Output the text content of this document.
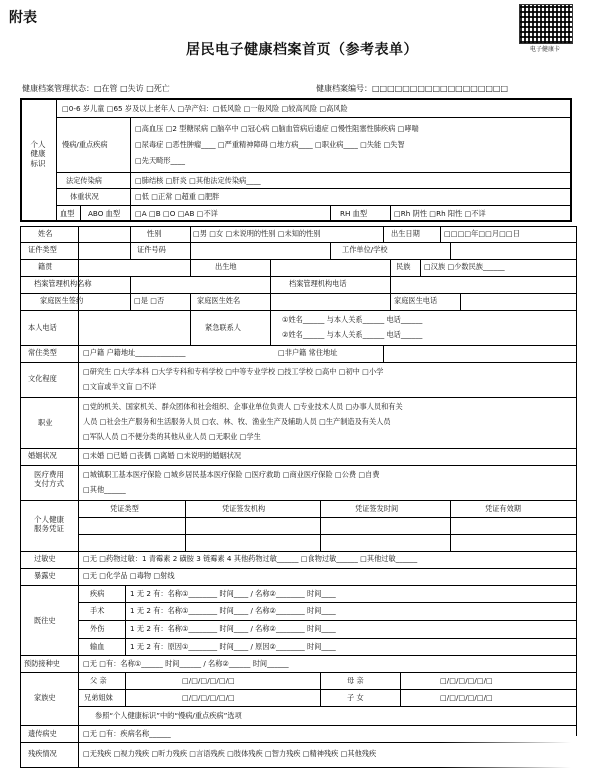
附表
居民电子健康档案首页（参考表单）	电子健康卡
健康档案管理状态：□在管 □失访 □死亡	健康档案编号：□□□□□□□□□□□□□□□□□□
个人
健康
标识
□0-6 岁儿童 □65 岁及以上老年人 □孕产妇：□低风险 □一般风险 □较高风险 □高风险
慢病/重点疾病
□高血压 □2 型糖尿病 □脑卒中 □冠心病 □脑血管病后遗症 □慢性阻塞性肺疾病 □哮喘
□尿毒症 □恶性肿瘤____ □严重精神障碍 □地方病____ □职业病____ □失能 □失智
□先天畸形____
法定传染病	□肺结核 □肝炎 □其他法定传染病____
体重状况	□低 □正常 □超重 □肥胖
血型 ABO 血型 □A □B □O □AB □不详	RH 血型	□Rh 阴性 □Rh 阳性 □不详
姓名	性别	□男 □女 □未说明的性别 □未知的性别	出生日期	□□□□年□□月□□日
证件类型	证件号码	工作单位/学校
籍贯	出生地	民族 □汉族 □少数民族______
档案管理机构名称	档案管理机构电话
家庭医生签约	□是 □否	家庭医生姓名	家庭医生电话
本人电话	紧急联系人
①姓名______ 与本人关系______ 电话______
②姓名______ 与本人关系______ 电话______
常住类型	□户籍 户籍地址______________	□非户籍 常住地址
文化程度
□研究生 □大学本科 □大学专科和专科学校 □中等专业学校 □技工学校 □高中 □初中 □小学
□文盲或半文盲 □不详
职业
□党的机关、国家机关、群众团体和社会组织、企事业单位负责人 □专业技术人员 □办事人员和有关
人员 □社会生产服务和生活服务人员 □农、林、牧、渔业生产及辅助人员 □生产制造及有关人员
□军队人员 □不便分类的其他从业人员 □无职业 □学生
婚姻状况	□未婚 □已婚 □丧偶 □离婚 □未说明的婚姻状况
医疗费用
支付方式
□城镇职工基本医疗保险 □城乡居民基本医疗保险 □医疗救助 □商业医疗保险 □公费 □自费
□其他______
个人健康
服务凭证
凭证类型	凭证签发机构	凭证签发时间	凭证有效期
过敏史	□无 □药物过敏：1 青霉素 2 磺胺 3 链霉素 4 其他药物过敏______ □食物过敏______ □其他过敏______
暴露史	□无 □化学品 □毒物 □射线
既往史
疾病	1 无 2 有：名称①________ 时间____ / 名称②________ 时间____
手术	1 无 2 有：名称①________ 时间____ / 名称②________ 时间____
外伤	1 无 2 有：名称①________ 时间____ / 名称②________ 时间____
输血	1 无 2 有：原因①________ 时间____ / 原因②________ 时间____
预防接种史	□无 □有：名称①______ 时间______ / 名称②______ 时间______
家族史
父 亲	□/□/□/□/□/□	母 亲	□/□/□/□/□/□
兄弟姐妹	□/□/□/□/□/□	子 女	□/□/□/□/□/□
参照“个人健康标识”中的“慢病/重点疾病”选项
遗传病史	□无 □有：疾病名称______
残疾情况	□无残疾 □视力残疾 □听力残疾 □言语残疾 □肢体残疾 □智力残疾 □精神残疾 □其他残疾
